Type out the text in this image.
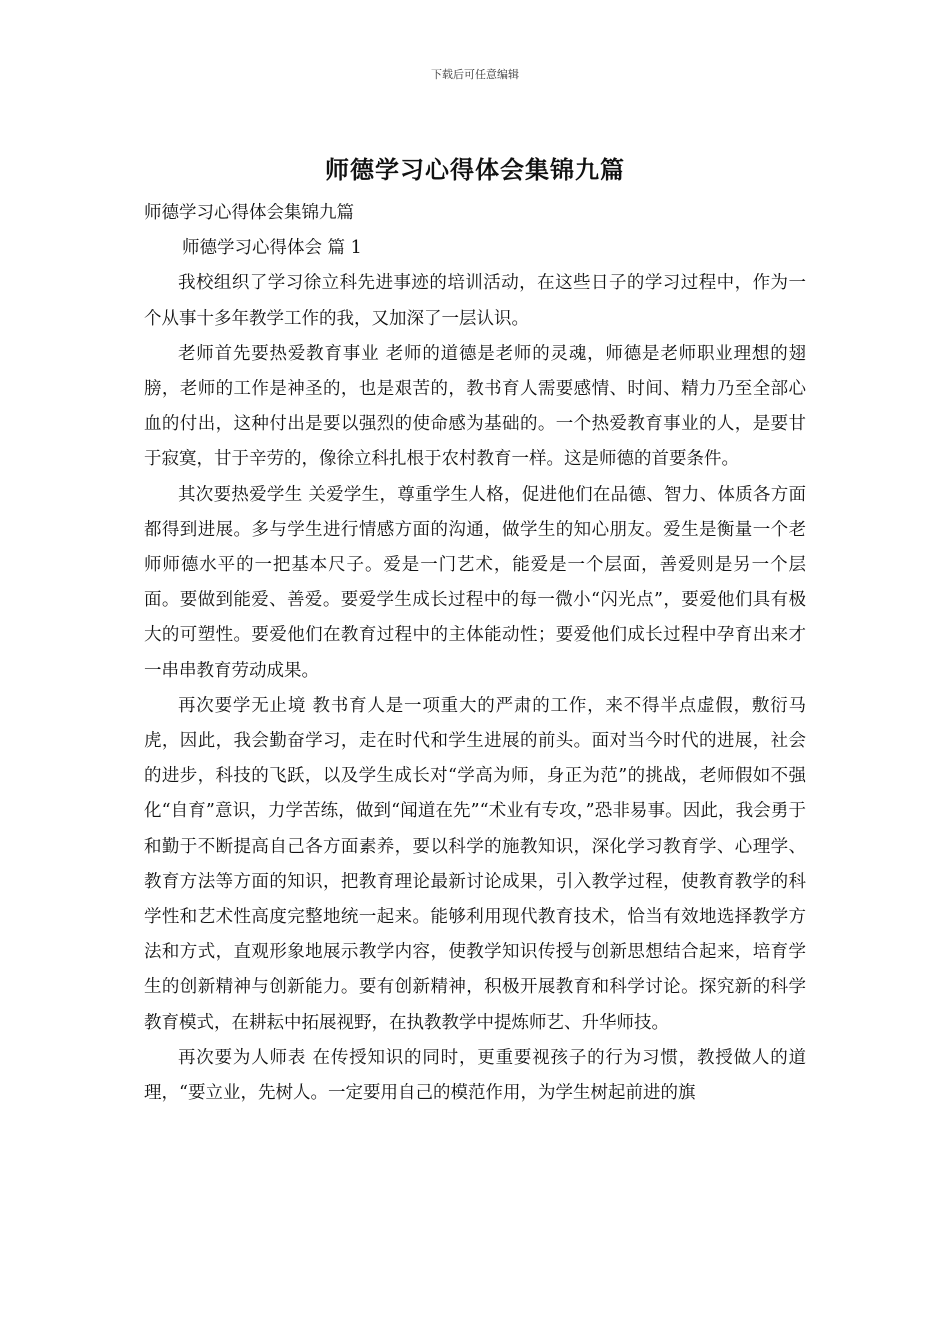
下载后可任意编辑
师德学习心得体会集锦九篇

师德学习心得体会集锦九篇

师德学习心得体会 篇 1

我校组织了学习徐立科先进事迹的培训活动，在这些日子的学习过程中，作为一个从事十多年教学工作的我，又加深了一层认识。

老师首先要热爱教育事业 老师的道德是老师的灵魂，师德是老师职业理想的翅膀，老师的工作是神圣的，也是艰苦的，教书育人需要感情、时间、精力乃至全部心血的付出，这种付出是要以强烈的使命感为基础的。一个热爱教育事业的人，是要甘于寂寞，甘于辛劳的，像徐立科扎根于农村教育一样。这是师德的首要条件。

其次要热爱学生 关爱学生，尊重学生人格，促进他们在品德、智力、体质各方面都得到进展。多与学生进行情感方面的沟通，做学生的知心朋友。爱生是衡量一个老师师德水平的一把基本尺子。爱是一门艺术，能爱是一个层面，善爱则是另一个层面。要做到能爱、善爱。要爱学生成长过程中的每一微小“闪光点”，要爱他们具有极大的可塑性。要爱他们在教育过程中的主体能动性；要爱他们成长过程中孕育出来才一串串教育劳动成果。

再次要学无止境 教书育人是一项重大的严肃的工作，来不得半点虚假，敷衍马虎，因此，我会勤奋学习，走在时代和学生进展的前头。面对当今时代的进展，社会的进步，科技的飞跃，以及学生成长对“学高为师，身正为范”的挑战，老师假如不强化“自育”意识，力学苦练，做到“闻道在先”“术业有专攻，”恐非易事。因此，我会勇于和勤于不断提高自己各方面素养，要以科学的施教知识，深化学习教育学、心理学、教育方法等方面的知识，把教育理论最新讨论成果，引入教学过程，使教育教学的科学性和艺术性高度完整地统一起来。能够利用现代教育技术，恰当有效地选择教学方法和方式，直观形象地展示教学内容，使教学知识传授与创新思想结合起来，培育学生的创新精神与创新能力。要有创新精神，积极开展教育和科学讨论。探究新的科学教育模式，在耕耘中拓展视野，在执教教学中提炼师艺、升华师技。

再次要为人师表 在传授知识的同时，更重要视孩子的行为习惯，教授做人的道理，“要立业，先树人。一定要用自己的模范作用，为学生树起前进的旗
